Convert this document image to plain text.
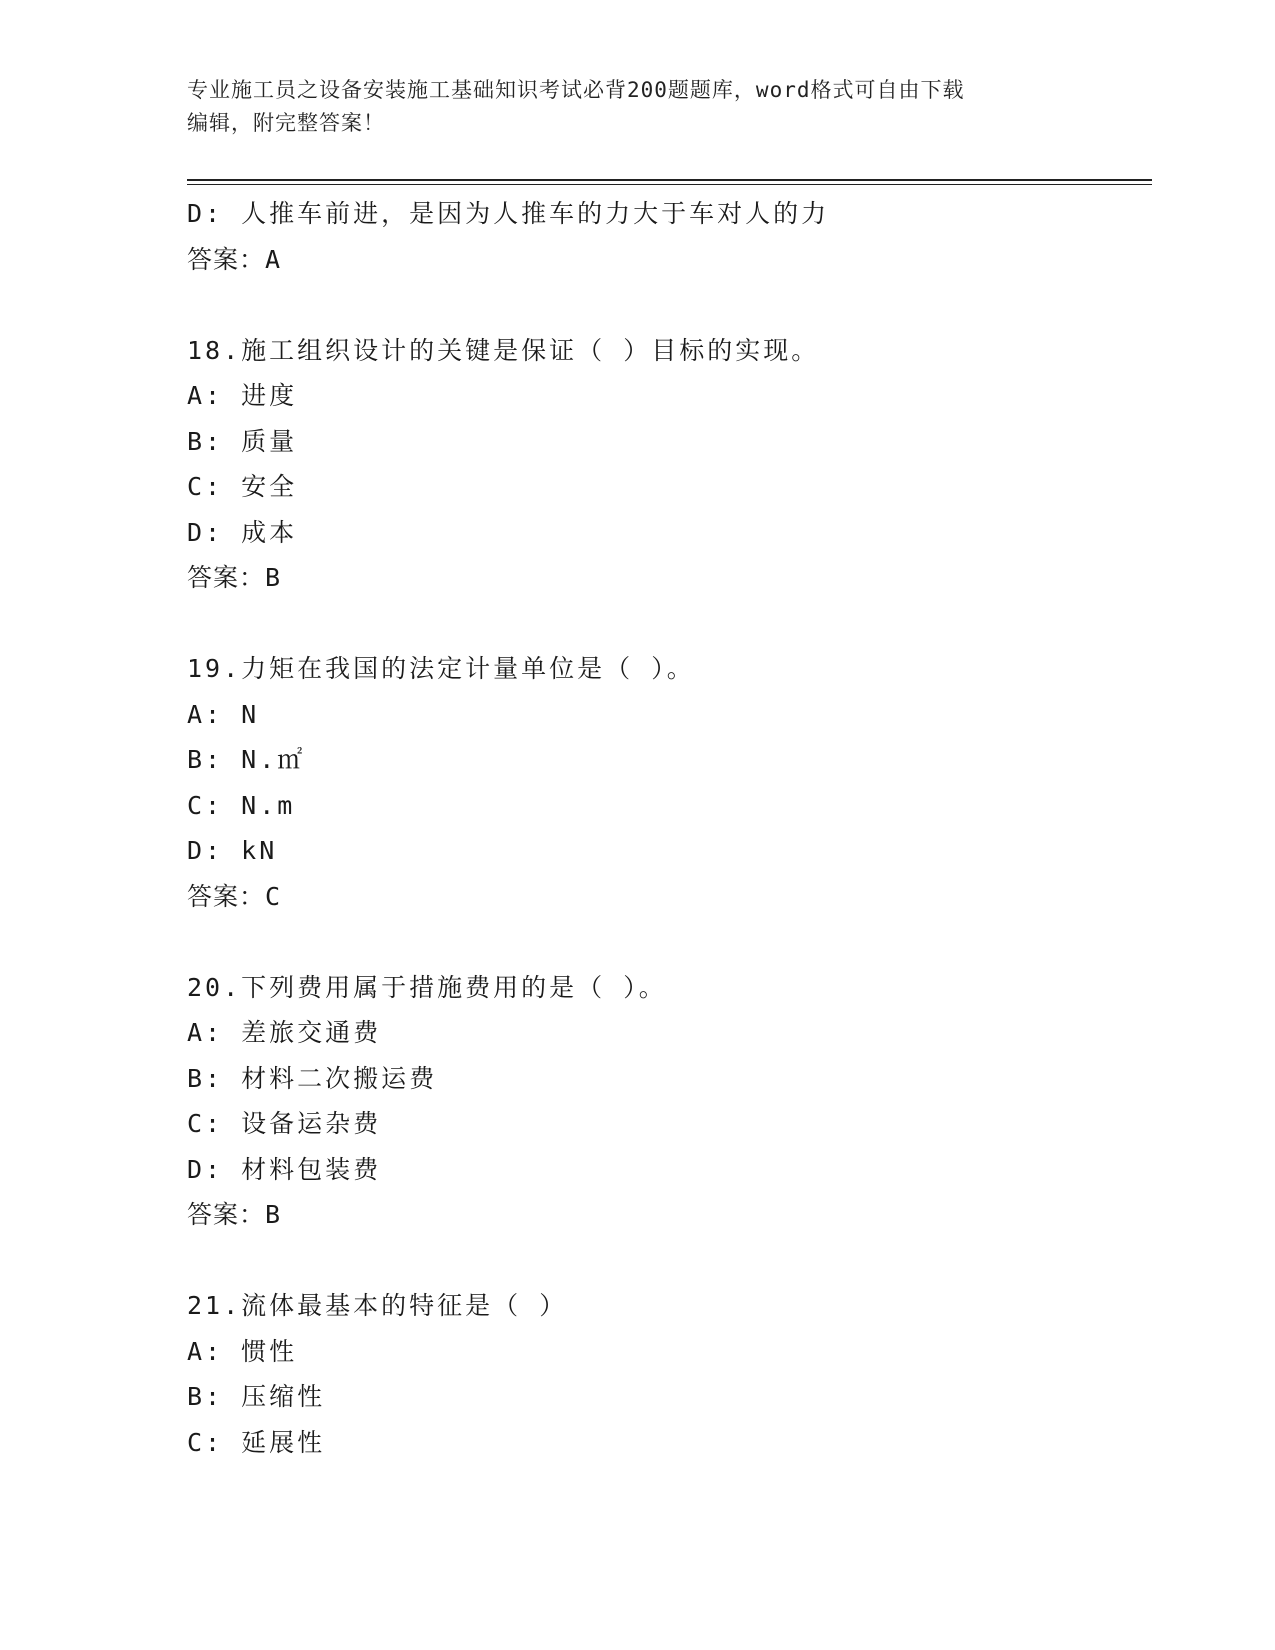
专业施工员之设备安装施工基础知识考试必背200题题库，word格式可自由下载
编辑，附完整答案！
D: 人推车前进，是因为人推车的力大于车对人的力
答案：A
18.施工组织设计的关键是保证（ ）目标的实现。
A: 进度
B: 质量
C: 安全
D: 成本
答案：B
19.力矩在我国的法定计量单位是（ ）。
A: N
B: N.㎡
C: N.m
D: kN
答案：C
20.下列费用属于措施费用的是（ ）。
A: 差旅交通费
B: 材料二次搬运费
C: 设备运杂费
D: 材料包装费
答案：B
21.流体最基本的特征是（ ）
A: 惯性
B: 压缩性
C: 延展性
